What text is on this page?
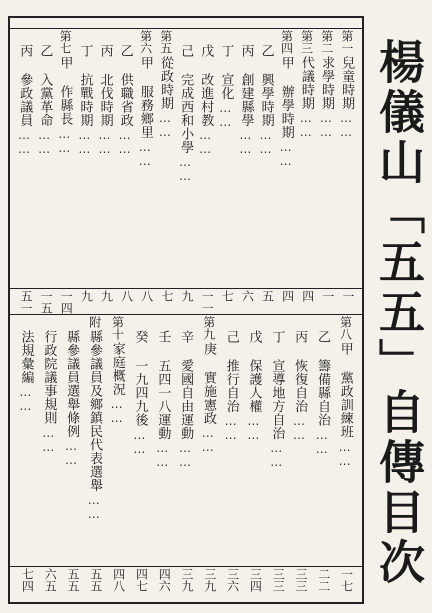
楊儀山「五五」自傳目次
第一
兒童時期
⋯⋯
一
第二
求學時期
⋯⋯
一
第三
代議時期
⋯⋯
四
第四
甲 辦學時期
⋯⋯
四
乙 興學時期
⋯⋯
五
丙 創建縣學
⋯⋯
六
丁 宣化
⋯⋯
七
戊 改進村教
⋯⋯
一一
己 完成西和小學
⋯⋯
九
第五
從政時期
⋯⋯
七
第六
甲 服務鄉里
⋯⋯
八
乙 供職省政
⋯⋯
八
丙 北伐時期
⋯⋯
九
丁 抗戰時期
⋯⋯
九
第七
甲 作縣長
⋯⋯
一四
乙 入黨革命
⋯⋯
一五
丙 參政議員
⋯⋯
五一
第八
甲 黨政訓練班
⋯⋯
一七
乙 籌備縣自治
⋯⋯
二二
丙 恢復自治
⋯⋯
三三
丁 宣導地方自治
⋯⋯
三三
戊 保護人權
⋯⋯
三四
己 推行自治
⋯⋯
三六
第九
庚 實施憲政
⋯⋯
三九
辛 愛國自由運動
⋯⋯
三九
壬 五四一八運動
⋯⋯
四六
癸 一九四九後
⋯⋯
四七
第十
家庭概況
⋯⋯
四八
附
縣參議員及鄉鎮民代表選舉
⋯⋯
五五
縣參議員選舉條例
⋯⋯
五五
行政院議事規則
⋯⋯
六五
法規彙編
⋯⋯
七四
